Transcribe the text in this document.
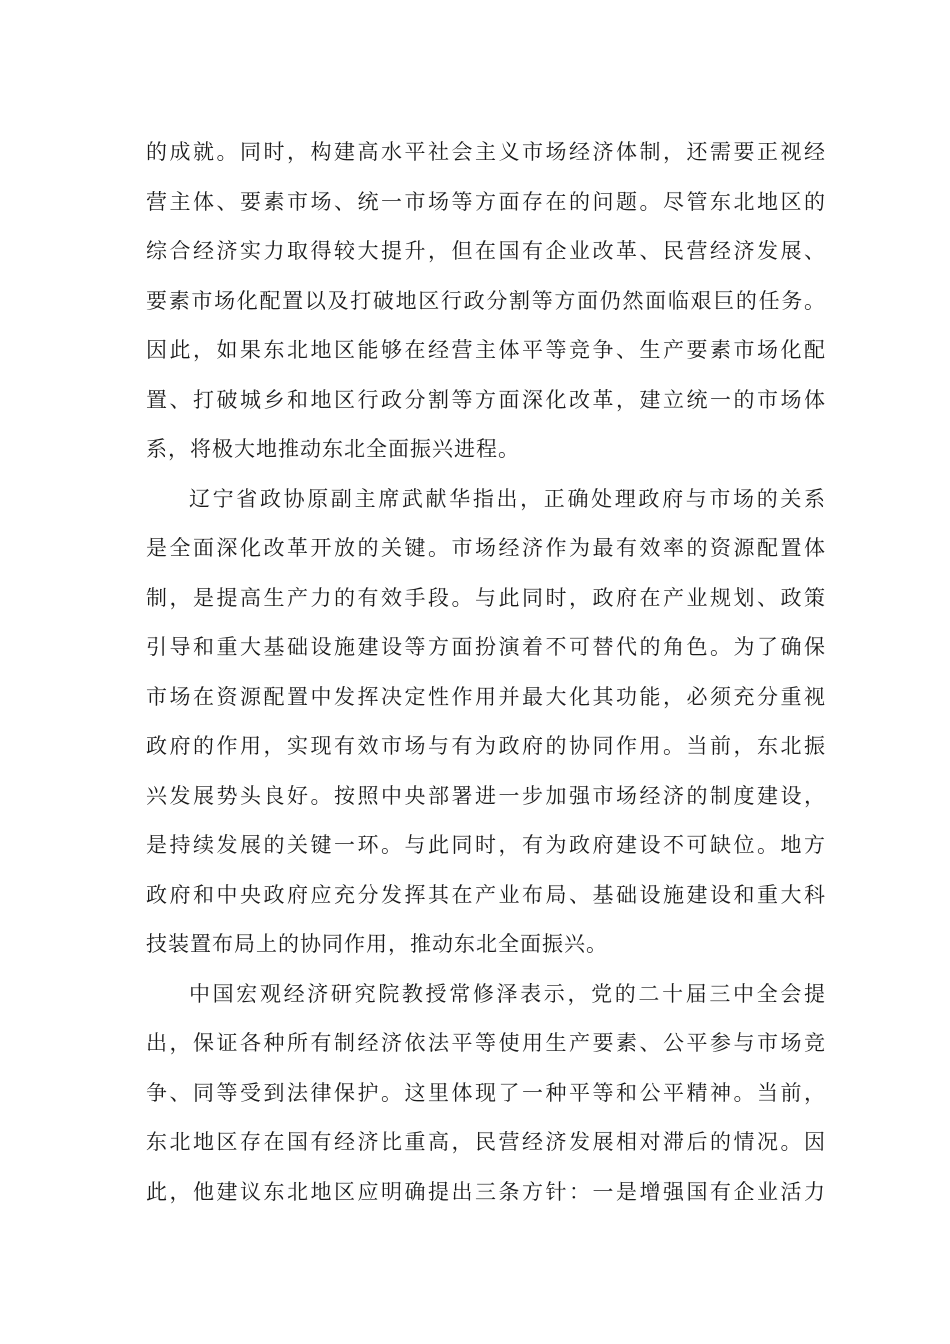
的成就。同时，构建高水平社会主义市场经济体制，还需要正视经
营主体、要素市场、统一市场等方面存在的问题。尽管东北地区的
综合经济实力取得较大提升，但在国有企业改革、民营经济发展、
要素市场化配置以及打破地区行政分割等方面仍然面临艰巨的任务。
因此，如果东北地区能够在经营主体平等竞争、生产要素市场化配
置、打破城乡和地区行政分割等方面深化改革，建立统一的市场体
系，将极大地推动东北全面振兴进程。
辽宁省政协原副主席武献华指出，正确处理政府与市场的关系
是全面深化改革开放的关键。市场经济作为最有效率的资源配置体
制，是提高生产力的有效手段。与此同时，政府在产业规划、政策
引导和重大基础设施建设等方面扮演着不可替代的角色。为了确保
市场在资源配置中发挥决定性作用并最大化其功能，必须充分重视
政府的作用，实现有效市场与有为政府的协同作用。当前，东北振
兴发展势头良好。按照中央部署进一步加强市场经济的制度建设，
是持续发展的关键一环。与此同时，有为政府建设不可缺位。地方
政府和中央政府应充分发挥其在产业布局、基础设施建设和重大科
技装置布局上的协同作用，推动东北全面振兴。
中国宏观经济研究院教授常修泽表示，党的二十届三中全会提
出，保证各种所有制经济依法平等使用生产要素、公平参与市场竞
争、同等受到法律保护。这里体现了一种平等和公平精神。当前，
东北地区存在国有经济比重高，民营经济发展相对滞后的情况。因
此，他建议东北地区应明确提出三条方针：一是增强国有企业活力
